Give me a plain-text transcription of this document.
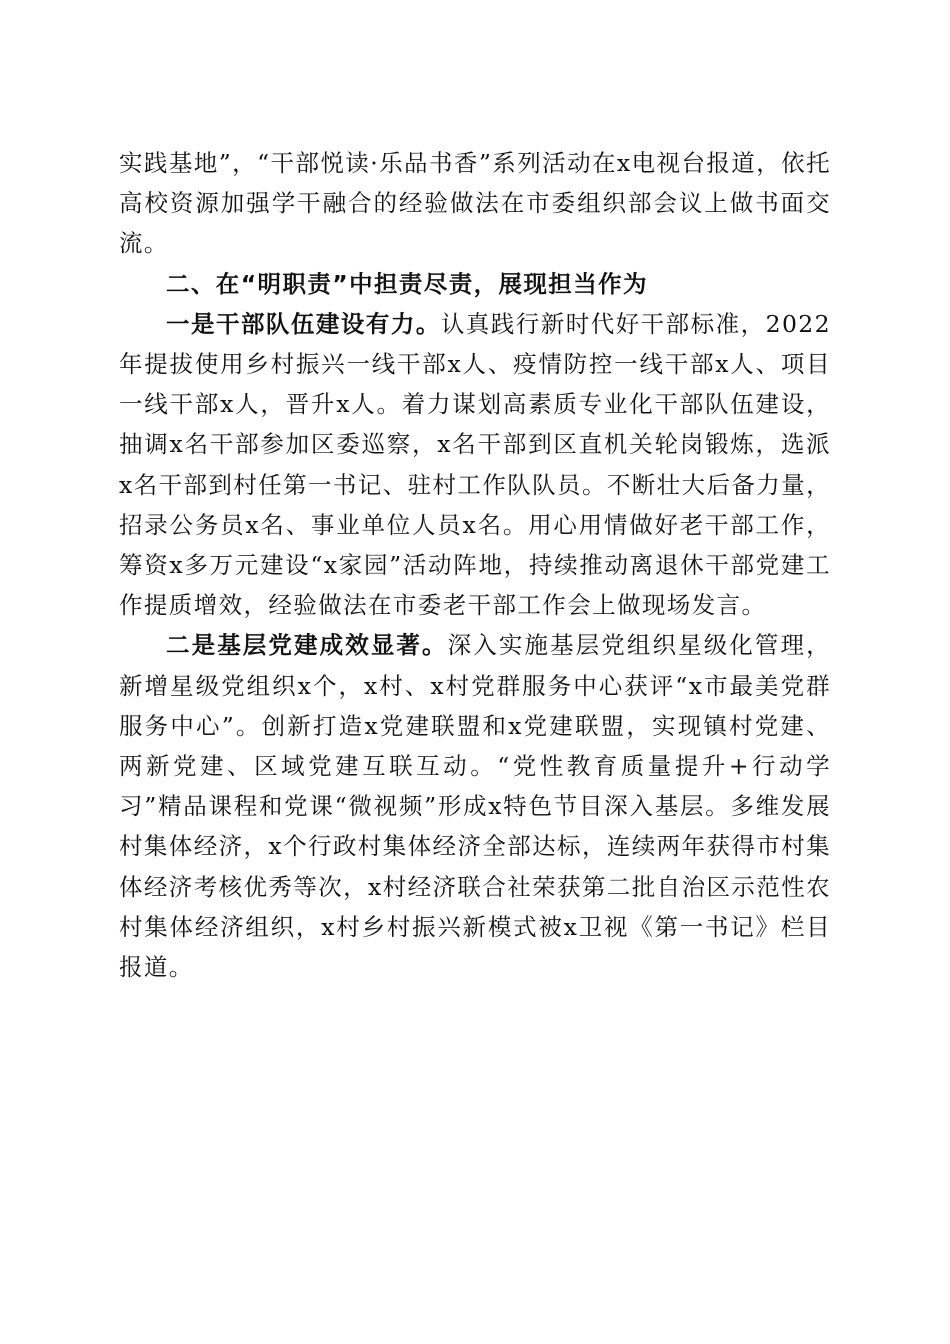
实践基地”，“干部悦读·乐品书香”系列活动在x电视台报道，依托高校资源加强学干融合的经验做法在市委组织部会议上做书面交流。

二、在“明职责”中担责尽责，展现担当作为

一是干部队伍建设有力。认真践行新时代好干部标准，2022年提拔使用乡村振兴一线干部x人、疫情防控一线干部x人、项目一线干部x人，晋升x人。着力谋划高素质专业化干部队伍建设，抽调x名干部参加区委巡察，x名干部到区直机关轮岗锻炼，选派x名干部到村任第一书记、驻村工作队队员。不断壮大后备力量，招录公务员x名、事业单位人员x名。用心用情做好老干部工作，筹资x多万元建设“x家园”活动阵地，持续推动离退休干部党建工作提质增效，经验做法在市委老干部工作会上做现场发言。

二是基层党建成效显著。深入实施基层党组织星级化管理，新增星级党组织x个，x村、x村党群服务中心获评“x市最美党群服务中心”。创新打造x党建联盟和x党建联盟，实现镇村党建、两新党建、区域党建互联互动。“党性教育质量提升+行动学习”精品课程和党课“微视频”形成x特色节目深入基层。多维发展村集体经济，x个行政村集体经济全部达标，连续两年获得市村集体经济考核优秀等次，x村经济联合社荣获第二批自治区示范性农村集体经济组织，x村乡村振兴新模式被x卫视《第一书记》栏目报道。
